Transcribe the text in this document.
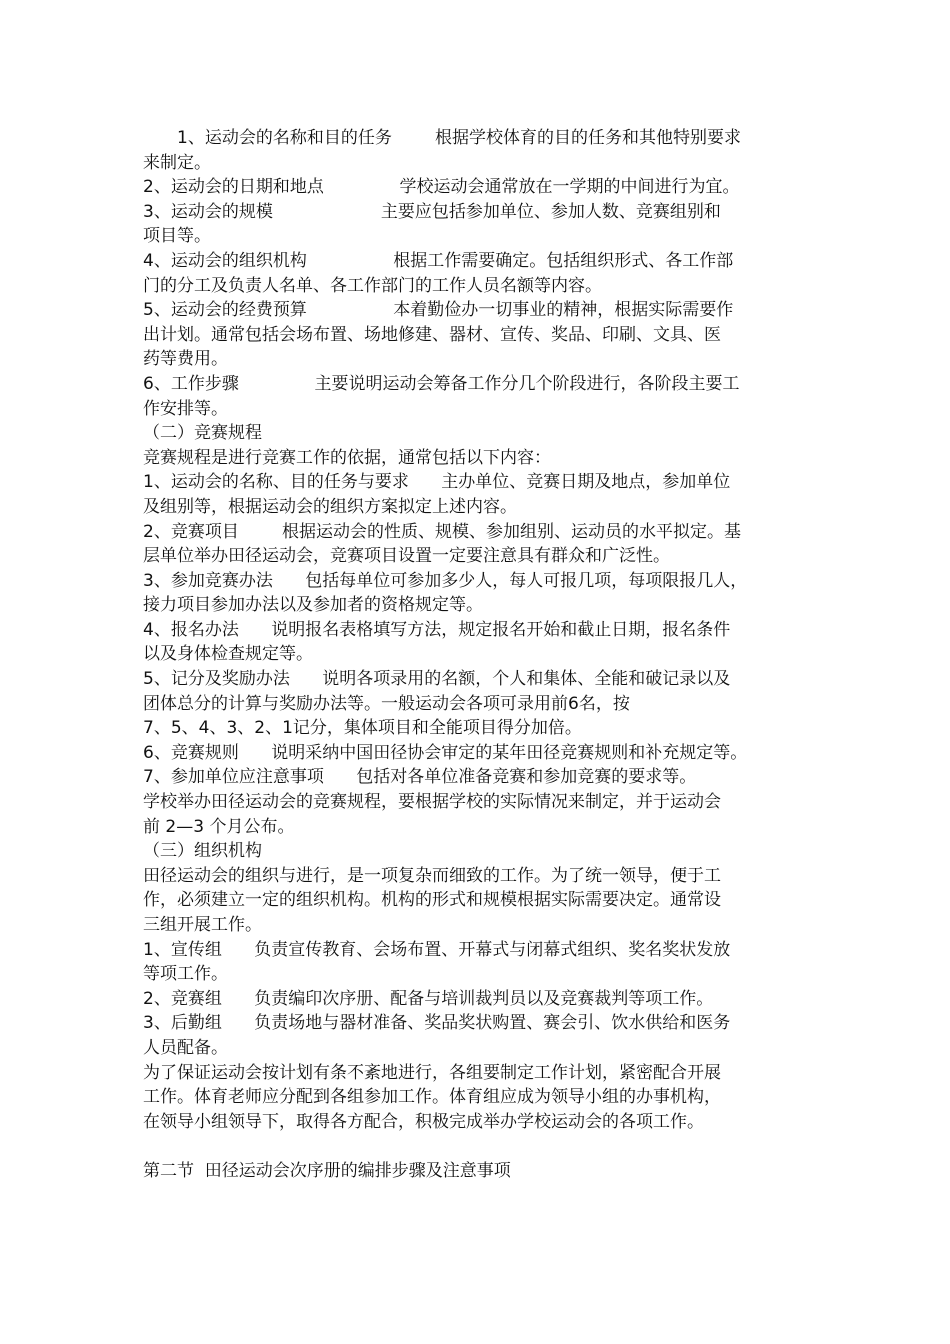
1、运动会的名称和目的任务        根据学校体育的目的任务和其他特别要求
来制定。
2、运动会的日期和地点              学校运动会通常放在一学期的中间进行为宜。
3、运动会的规模                    主要应包括参加单位、参加人数、竞赛组别和
项目等。
4、运动会的组织机构                根据工作需要确定。包括组织形式、各工作部
门的分工及负责人名单、各工作部门的工作人员名额等内容。
5、运动会的经费预算                本着勤俭办一切事业的精神，根据实际需要作
出计划。通常包括会场布置、场地修建、器材、宣传、奖品、印刷、文具、医
药等费用。
6、工作步骤              主要说明运动会筹备工作分几个阶段进行，各阶段主要工
作安排等。
（二）竞赛规程
竞赛规程是进行竞赛工作的依据，通常包括以下内容：
1、运动会的名称、目的任务与要求      主办单位、竞赛日期及地点，参加单位
及组别等，根据运动会的组织方案拟定上述内容。
2、竞赛项目        根据运动会的性质、规模、参加组别、运动员的水平拟定。基
层单位举办田径运动会，竞赛项目设置一定要注意具有群众和广泛性。
3、参加竞赛办法      包括每单位可参加多少人，每人可报几项，每项限报几人，
接力项目参加办法以及参加者的资格规定等。
4、报名办法      说明报名表格填写方法，规定报名开始和截止日期，报名条件
以及身体检查规定等。
5、记分及奖励办法      说明各项录用的名额，个人和集体、全能和破记录以及
团体总分的计算与奖励办法等。一般运动会各项可录用前6名，按
7、5、4、3、2、1记分，集体项目和全能项目得分加倍。
6、竞赛规则      说明采纳中国田径协会审定的某年田径竞赛规则和补充规定等。
7、参加单位应注意事项      包括对各单位准备竞赛和参加竞赛的要求等。
学校举办田径运动会的竞赛规程，要根据学校的实际情况来制定，并于运动会
前 2—3 个月公布。
（三）组织机构
田径运动会的组织与进行，是一项复杂而细致的工作。为了统一领导，便于工
作，必须建立一定的组织机构。机构的形式和规模根据实际需要决定。通常设
三组开展工作。
1、宣传组      负责宣传教育、会场布置、开幕式与闭幕式组织、奖名奖状发放
等项工作。
2、竞赛组      负责编印次序册、配备与培训裁判员以及竞赛裁判等项工作。
3、后勤组      负责场地与器材准备、奖品奖状购置、赛会引、饮水供给和医务
人员配备。
为了保证运动会按计划有条不紊地进行，各组要制定工作计划，紧密配合开展
工作。体育老师应分配到各组参加工作。体育组应成为领导小组的办事机构，
在领导小组领导下，取得各方配合，积极完成举办学校运动会的各项工作。
第二节  田径运动会次序册的编排步骤及注意事项
